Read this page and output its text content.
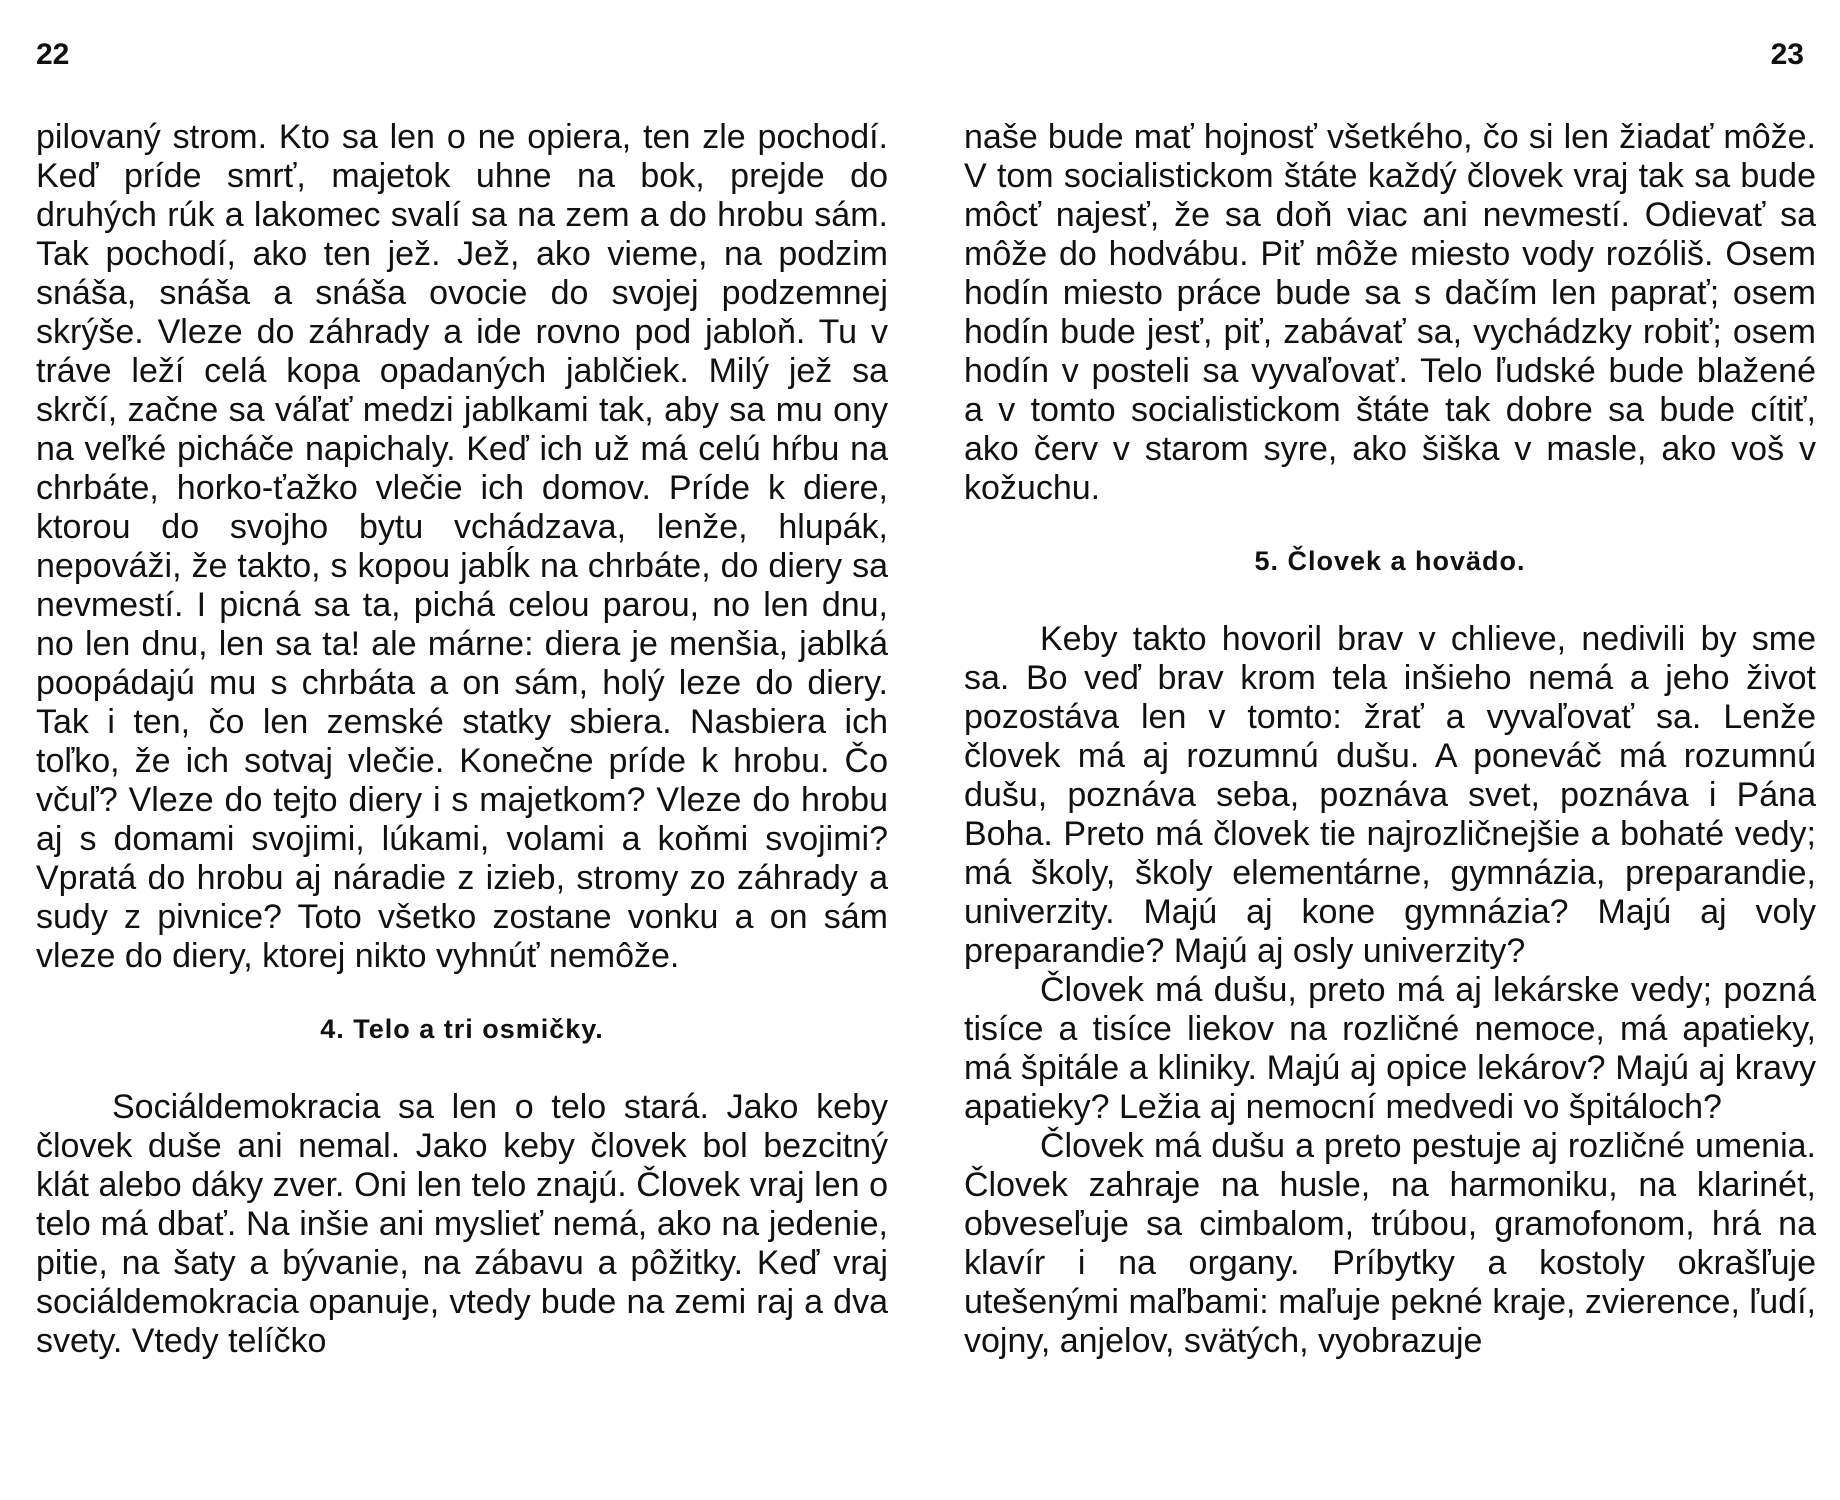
22	23

pilovaný strom. Kto sa len o ne opiera, ten zle pochodí. Keď príde smrť, majetok uhne na bok, prejde do druhých rúk a lakomec svalí sa na zem a do hrobu sám. Tak pochodí, ako ten jež. Jež, ako vieme, na podzim snáša, snáša a snáša ovocie do svojej podzemnej skrýše. Vleze do záhrady a ide rovno pod jabloň. Tu v tráve leží celá kopa opadaných jablčiek. Milý jež sa skrčí, začne sa váľať medzi jablkami tak, aby sa mu ony na veľké picháče napichaly. Keď ich už má celú hŕbu na chrbáte, horko-ťažko vlečie ich domov. Príde k diere, ktorou do svojho bytu vchádzava, lenže, hlupák, nepováži, že takto, s kopou jabĺk na chrbáte, do diery sa nevmestí. I picná sa ta, pichá celou parou, no len dnu, no len dnu, len sa ta! ale márne: diera je menšia, jablká poopádajú mu s chrbáta a on sám, holý leze do diery. Tak i ten, čo len zemské statky sbiera. Nasbiera ich toľko, že ich sotvaj vlečie. Konečne príde k hrobu. Čo včuľ? Vleze do tejto diery i s majetkom? Vleze do hrobu aj s domami svojimi, lúkami, volami a koňmi svojimi? Vpratá do hrobu aj náradie z izieb, stromy zo záhrady a sudy z pivnice? Toto všetko zostane vonku a on sám vleze do diery, ktorej nikto vyhnúť nemôže.

4. Telo a tri osmičky.

Sociáldemokracia sa len o telo stará. Jako keby človek duše ani nemal. Jako keby človek bol bezcitný klát alebo dáky zver. Oni len telo znajú. Človek vraj len o telo má dbať. Na inšie ani myslieť nemá, ako na jedenie, pitie, na šaty a bývanie, na zábavu a pôžitky. Keď vraj sociáldemokracia opanuje, vtedy bude na zemi raj a dva svety. Vtedy telíčko

naše bude mať hojnosť všetkého, čo si len žiadať môže. V tom socialistickom štáte každý človek vraj tak sa bude môcť najesť, že sa doň viac ani nevmestí. Odievať sa môže do hodvábu. Piť môže miesto vody rozóliš. Osem hodín miesto práce bude sa s dačím len paprať; osem hodín bude jesť, piť, zabávať sa, vychádzky robiť; osem hodín v posteli sa vyvaľovať. Telo ľudské bude blažené a v tomto socialistickom štáte tak dobre sa bude cítiť, ako červ v starom syre, ako šiška v masle, ako voš v kožuchu.

5. Človek a hovädo.

Keby takto hovoril brav v chlieve, nedivili by sme sa. Bo veď brav krom tela inšieho nemá a jeho život pozostáva len v tomto: žrať a vyvaľovať sa. Lenže človek má aj rozumnú dušu. A poneváč má rozumnú dušu, poznáva seba, poznáva svet, poznáva i Pána Boha. Preto má človek tie najrozličnejšie a bohaté vedy; má školy, školy elementárne, gymnázia, preparandie, univerzity. Majú aj kone gymnázia? Majú aj voly preparandie? Majú aj osly univerzity?

Človek má dušu, preto má aj lekárske vedy; pozná tisíce a tisíce liekov na rozličné nemoce, má apatieky, má špitále a kliniky. Majú aj opice lekárov? Majú aj kravy apatieky? Ležia aj nemocní medvedi vo špitáloch?

Človek má dušu a preto pestuje aj rozličné umenia. Človek zahraje na husle, na harmoniku, na klarinét, obveseľuje sa cimbalom, trúbou, gramofonom, hrá na klavír i na organy. Príbytky a kostoly okrašľuje utešenými maľbami: maľuje pekné kraje, zvierence, ľudí, vojny, anjelov, svätých, vyobrazuje
